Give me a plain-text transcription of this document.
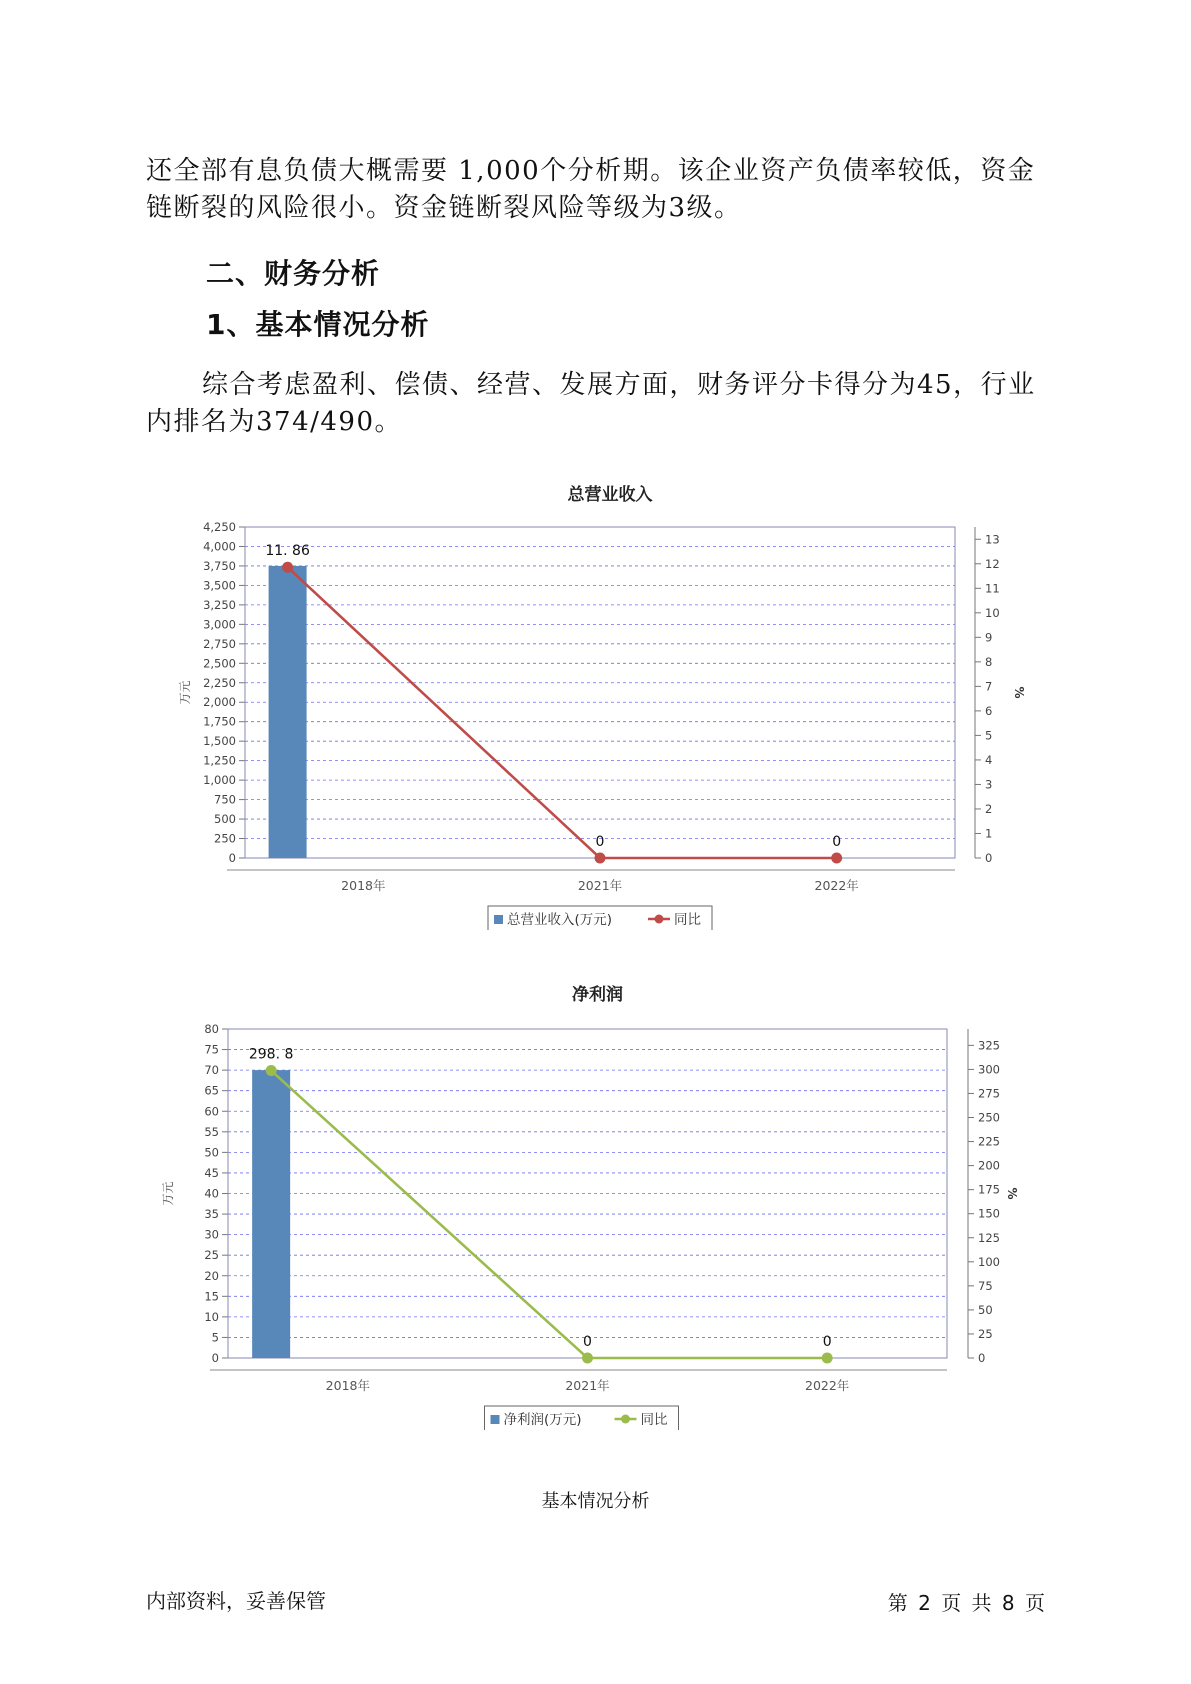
还全部有息负债大概需要 1,000个分析期。该企业资产负债率较低，资金链断裂的风险很小。资金链断裂风险等级为3级。

二、财务分析
1、基本情况分析

综合考虑盈利、偿债、经营、发展方面，财务评分卡得分为45，行业内排名为374/490。

总营业收入
0
250
500
750
1,000
1,250
1,500
1,750
2,000
2,250
2,500
2,750
3,000
3,250
3,500
3,750
4,000
4,250
0
1
2
3
4
5
6
7
8
9
10
11
12
13
万元	%
2018年	2021年	2022年
11. 86
0	0
总营业收入(万元)	同比
净利润
0
5
10
15
20
25
30
35
40
45
50
55
60
65
70
75
80
0
25
50
75
100
125
150
175
200
225
250
275
300
325
万元	%
2018年	2021年	2022年
298. 8
0	0
净利润(万元)	同比

基本情况分析

内部资料，妥善保管	第 2 页 共 8 页
